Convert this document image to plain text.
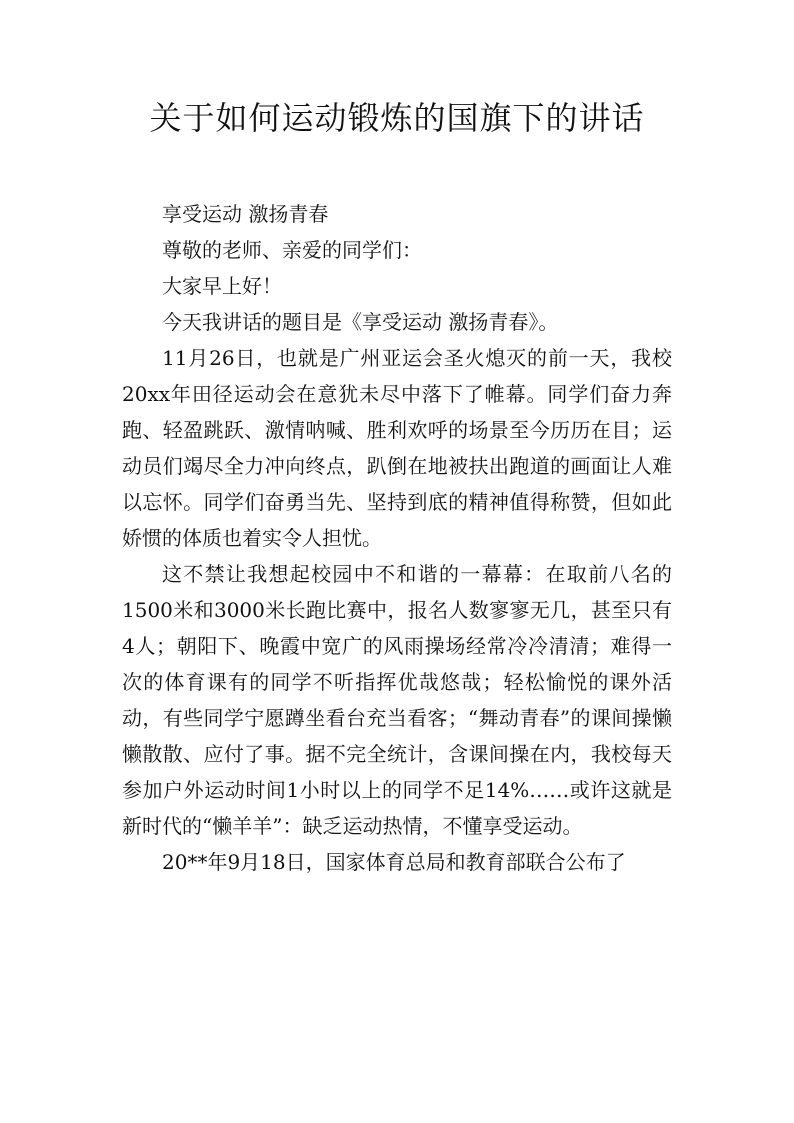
关于如何运动锻炼的国旗下的讲话

享受运动 激扬青春

尊敬的老师、亲爱的同学们：

大家早上好！

今天我讲话的题目是《享受运动 激扬青春》。

11月26日，也就是广州亚运会圣火熄灭的前一天，我校20xx年田径运动会在意犹未尽中落下了帷幕。同学们奋力奔跑、轻盈跳跃、激情呐喊、胜利欢呼的场景至今历历在目；运动员们竭尽全力冲向终点，趴倒在地被扶出跑道的画面让人难以忘怀。同学们奋勇当先、坚持到底的精神值得称赞，但如此娇惯的体质也着实令人担忧。

这不禁让我想起校园中不和谐的一幕幕：在取前八名的1500米和3000米长跑比赛中，报名人数寥寥无几，甚至只有4人；朝阳下、晚霞中宽广的风雨操场经常冷冷清清；难得一次的体育课有的同学不听指挥优哉悠哉；轻松愉悦的课外活动，有些同学宁愿蹲坐看台充当看客；“舞动青春”的课间操懒懒散散、应付了事。据不完全统计，含课间操在内，我校每天参加户外运动时间1小时以上的同学不足14%……或许这就是新时代的“懒羊羊”：缺乏运动热情，不懂享受运动。

20**年9月18日，国家体育总局和教育部联合公布了
